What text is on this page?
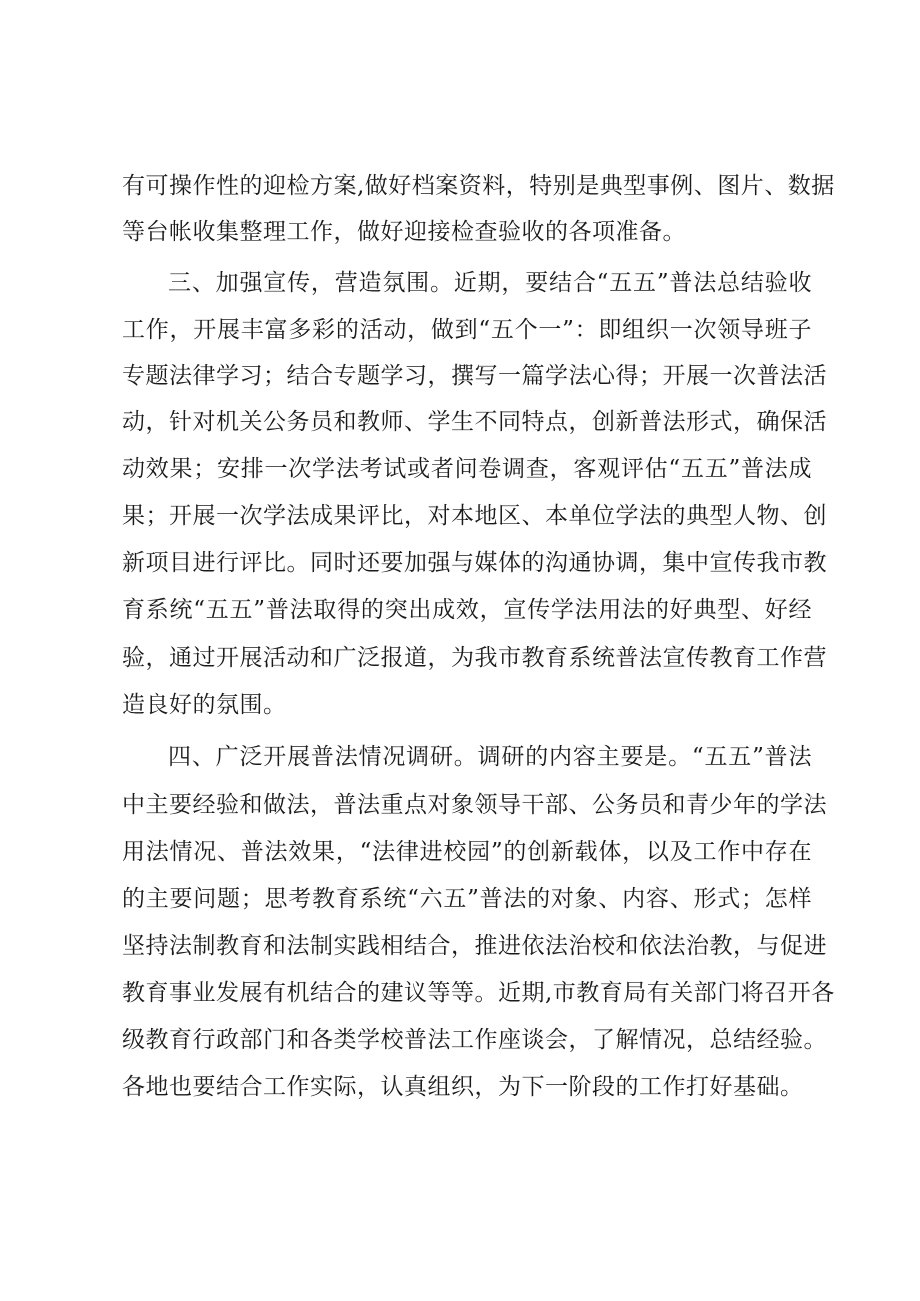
有可操作性的迎检方案,做好档案资料，特别是典型事例、图片、数据
等台帐收集整理工作，做好迎接检查验收的各项准备。
三、加强宣传，营造氛围。近期，要结合“五五”普法总结验收
工作，开展丰富多彩的活动，做到“五个一”：即组织一次领导班子
专题法律学习；结合专题学习，撰写一篇学法心得；开展一次普法活
动，针对机关公务员和教师、学生不同特点，创新普法形式，确保活
动效果；安排一次学法考试或者问卷调查，客观评估“五五”普法成
果；开展一次学法成果评比，对本地区、本单位学法的典型人物、创
新项目进行评比。同时还要加强与媒体的沟通协调，集中宣传我市教
育系统“五五”普法取得的突出成效，宣传学法用法的好典型、好经
验，通过开展活动和广泛报道，为我市教育系统普法宣传教育工作营
造良好的氛围。
四、广泛开展普法情况调研。调研的内容主要是。“五五”普法
中主要经验和做法，普法重点对象领导干部、公务员和青少年的学法
用法情况、普法效果，“法律进校园”的创新载体，以及工作中存在
的主要问题；思考教育系统“六五”普法的对象、内容、形式；怎样
坚持法制教育和法制实践相结合，推进依法治校和依法治教，与促进
教育事业发展有机结合的建议等等。近期,市教育局有关部门将召开各
级教育行政部门和各类学校普法工作座谈会，了解情况，总结经验。
各地也要结合工作实际，认真组织，为下一阶段的工作打好基础。
